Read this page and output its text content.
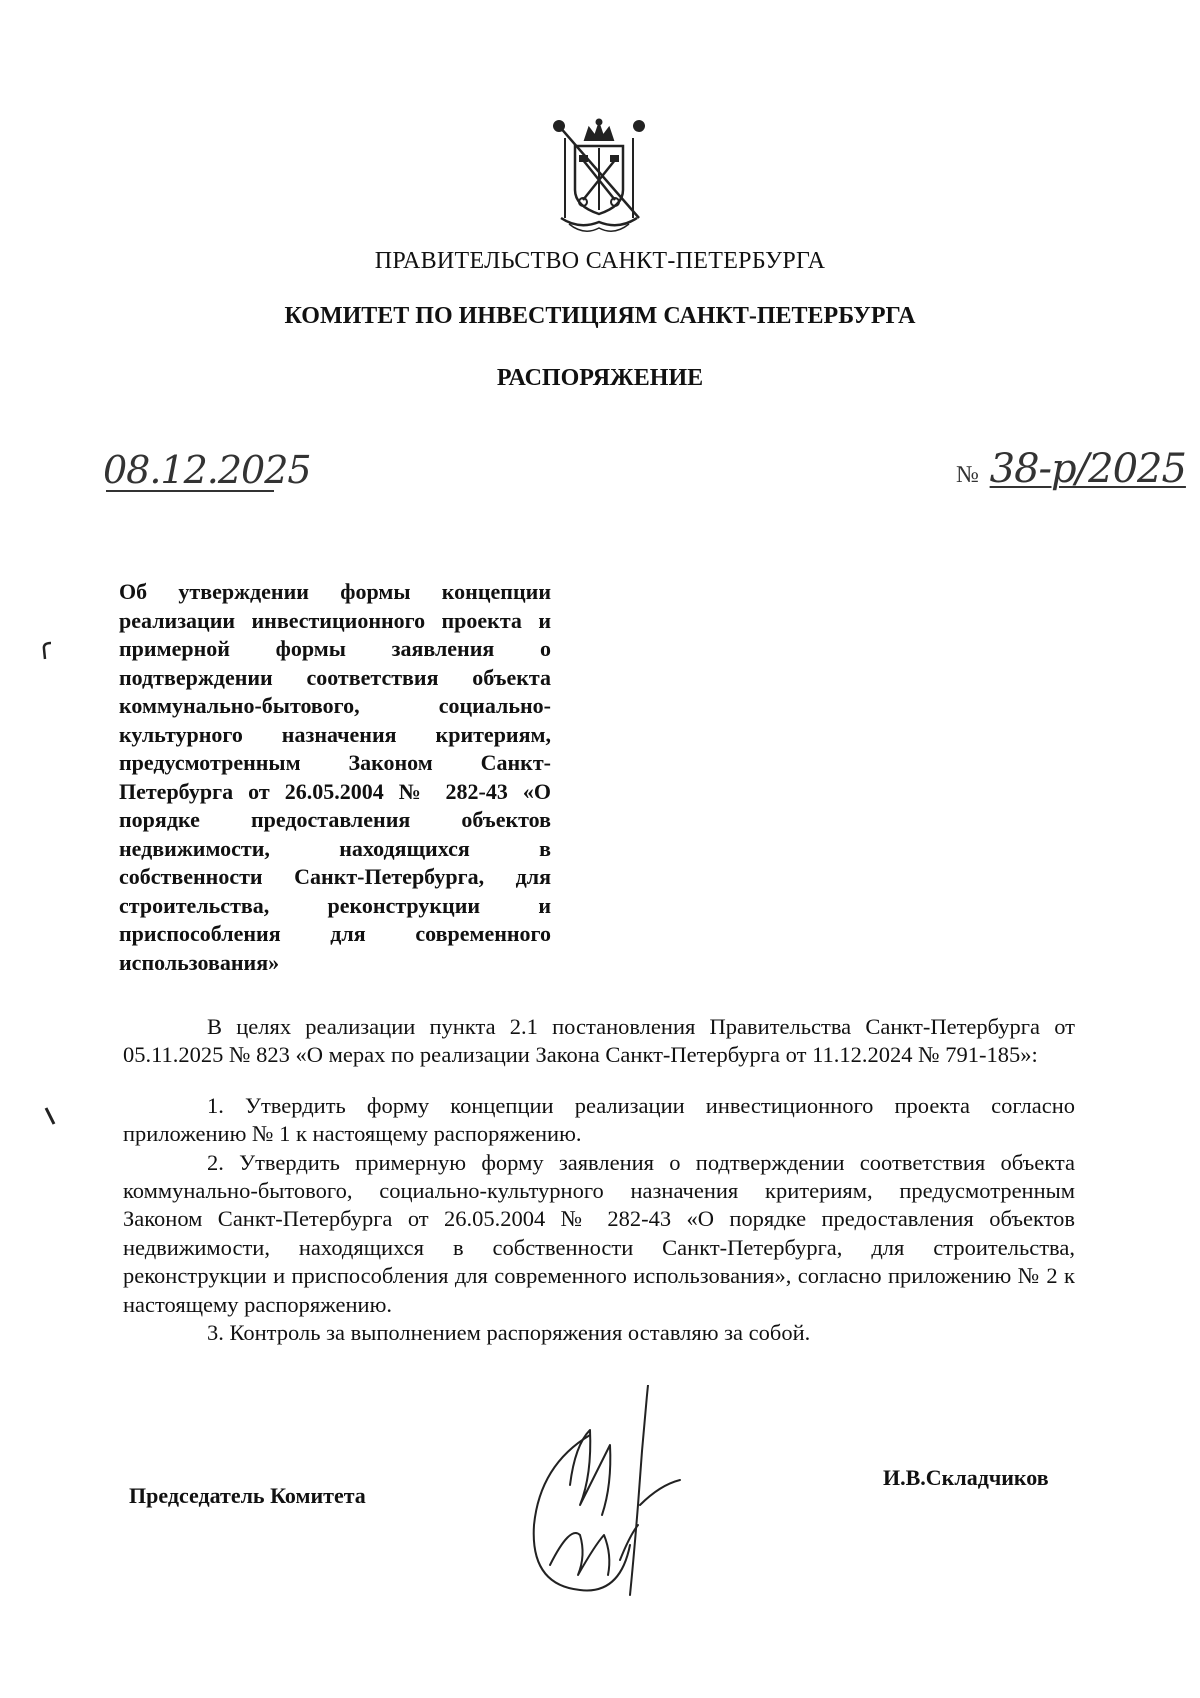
ПРАВИТЕЛЬСТВО САНКТ-ПЕТЕРБУРГА

КОМИТЕТ ПО ИНВЕСТИЦИЯМ САНКТ-ПЕТЕРБУРГА

РАСПОРЯЖЕНИЕ

08.12.2025	№ 38-р/2025

Об утверждении формы концепции реализации инвестиционного проекта и примерной формы заявления о подтверждении соответствия объекта коммунально-бытового, социально-культурного назначения критериям, предусмотренным Законом Санкт-Петербурга от 26.05.2004 № 282-43 «О порядке предоставления объектов недвижимости, находящихся в собственности Санкт-Петербурга, для строительства, реконструкции и приспособления для современного использования»

В целях реализации пункта 2.1 постановления Правительства Санкт-Петербурга от 05.11.2025 № 823 «О мерах по реализации Закона Санкт-Петербурга от 11.12.2024 № 791-185»:

1. Утвердить форму концепции реализации инвестиционного проекта согласно приложению № 1 к настоящему распоряжению.

2. Утвердить примерную форму заявления о подтверждении соответствия объекта коммунально-бытового, социально-культурного назначения критериям, предусмотренным Законом Санкт-Петербурга от 26.05.2004 № 282-43 «О порядке предоставления объектов недвижимости, находящихся в собственности Санкт-Петербурга, для строительства, реконструкции и приспособления для современного использования», согласно приложению № 2 к настоящему распоряжению.

3. Контроль за выполнением распоряжения оставляю за собой.

Председатель Комитета

И.В.Складчиков
